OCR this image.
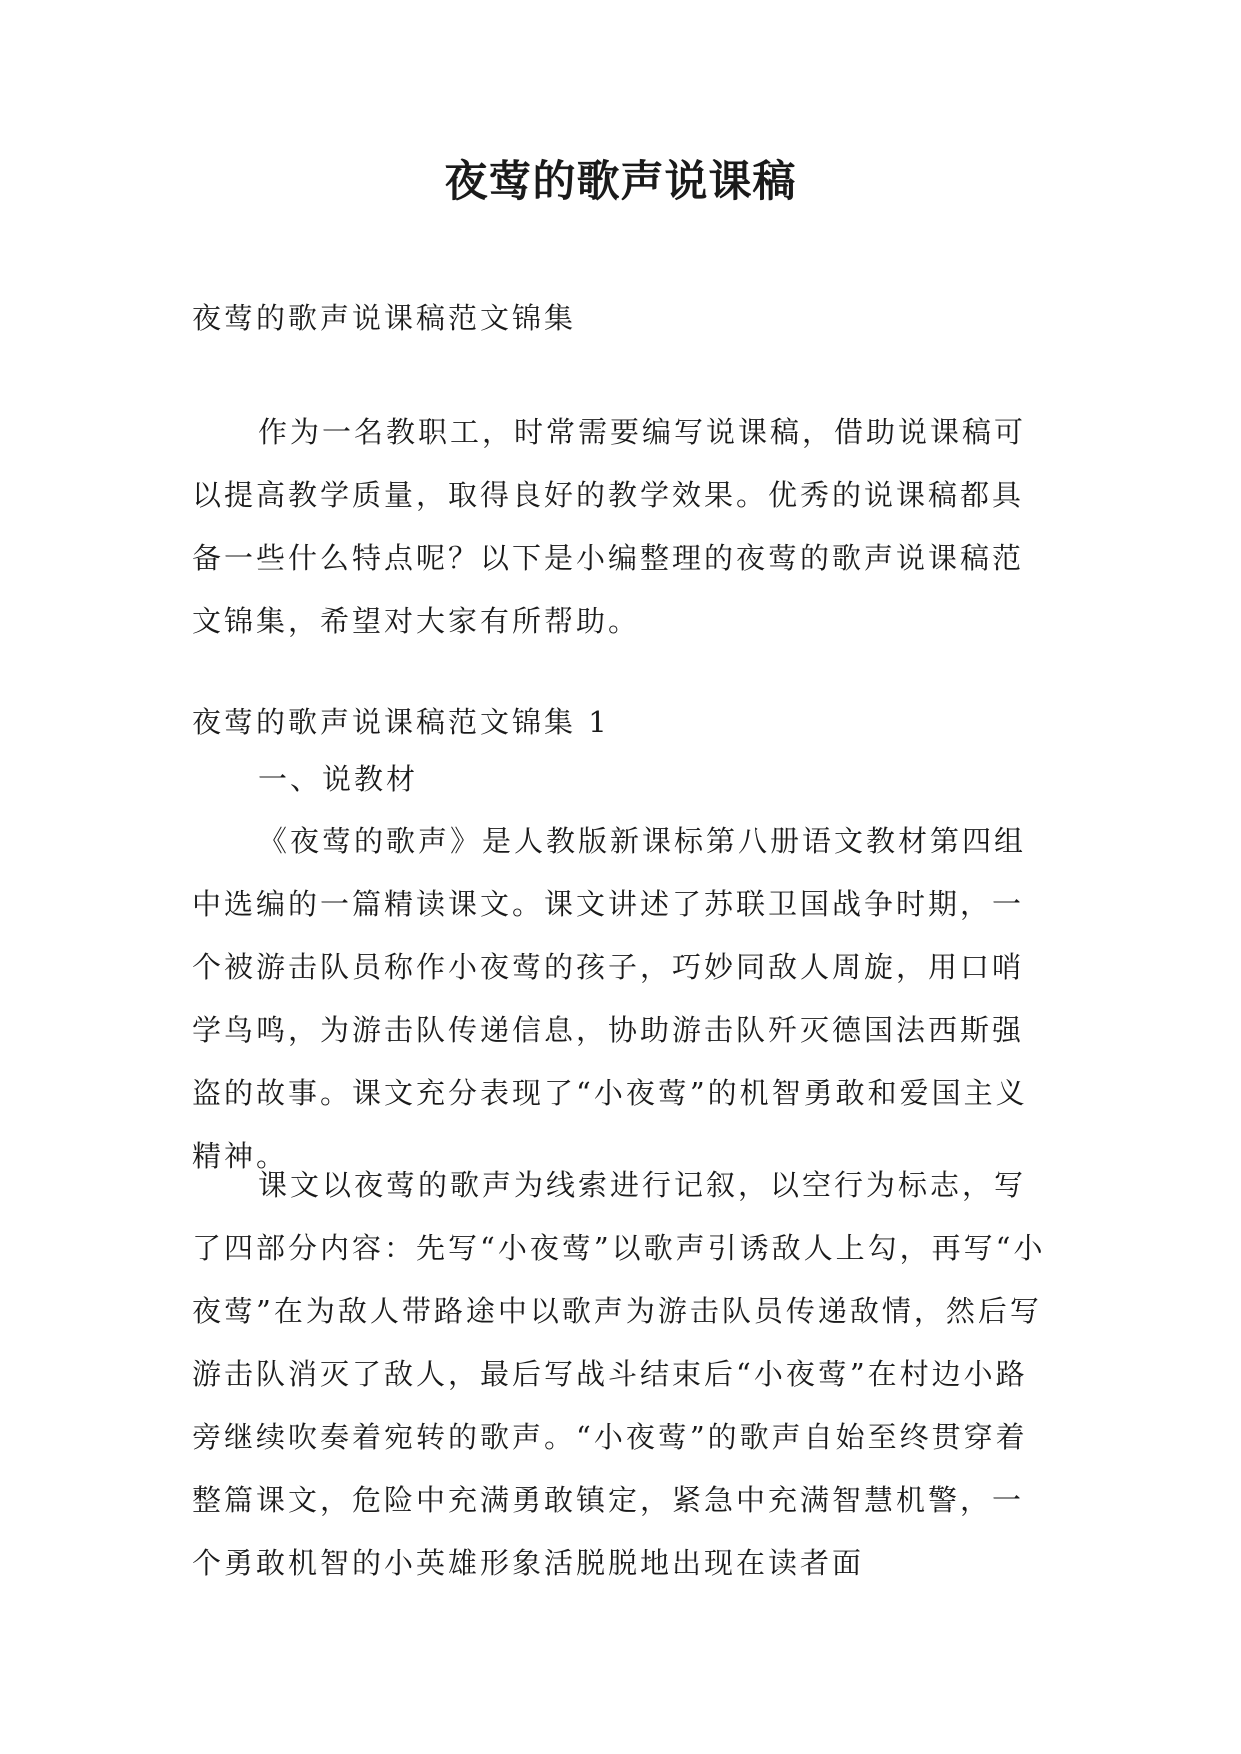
夜莺的歌声说课稿

夜莺的歌声说课稿范文锦集

作为一名教职工，时常需要编写说课稿，借助说课稿可以提高教学质量，取得良好的教学效果。优秀的说课稿都具备一些什么特点呢？以下是小编整理的夜莺的歌声说课稿范文锦集，希望对大家有所帮助。

夜莺的歌声说课稿范文锦集 1

一、说教材

《夜莺的歌声》是人教版新课标第八册语文教材第四组中选编的一篇精读课文。课文讲述了苏联卫国战争时期，一个被游击队员称作小夜莺的孩子，巧妙同敌人周旋，用口哨学鸟鸣，为游击队传递信息，协助游击队歼灭德国法西斯强盗的故事。课文充分表现了“小夜莺”的机智勇敢和爱国主义精神。

课文以夜莺的歌声为线索进行记叙，以空行为标志，写了四部分内容：先写“小夜莺”以歌声引诱敌人上勾，再写“小夜莺”在为敌人带路途中以歌声为游击队员传递敌情，然后写游击队消灭了敌人，最后写战斗结束后“小夜莺”在村边小路旁继续吹奏着宛转的歌声。“小夜莺”的歌声自始至终贯穿着整篇课文，危险中充满勇敢镇定，紧急中充满智慧机警，一个勇敢机智的小英雄形象活脱脱地出现在读者面
